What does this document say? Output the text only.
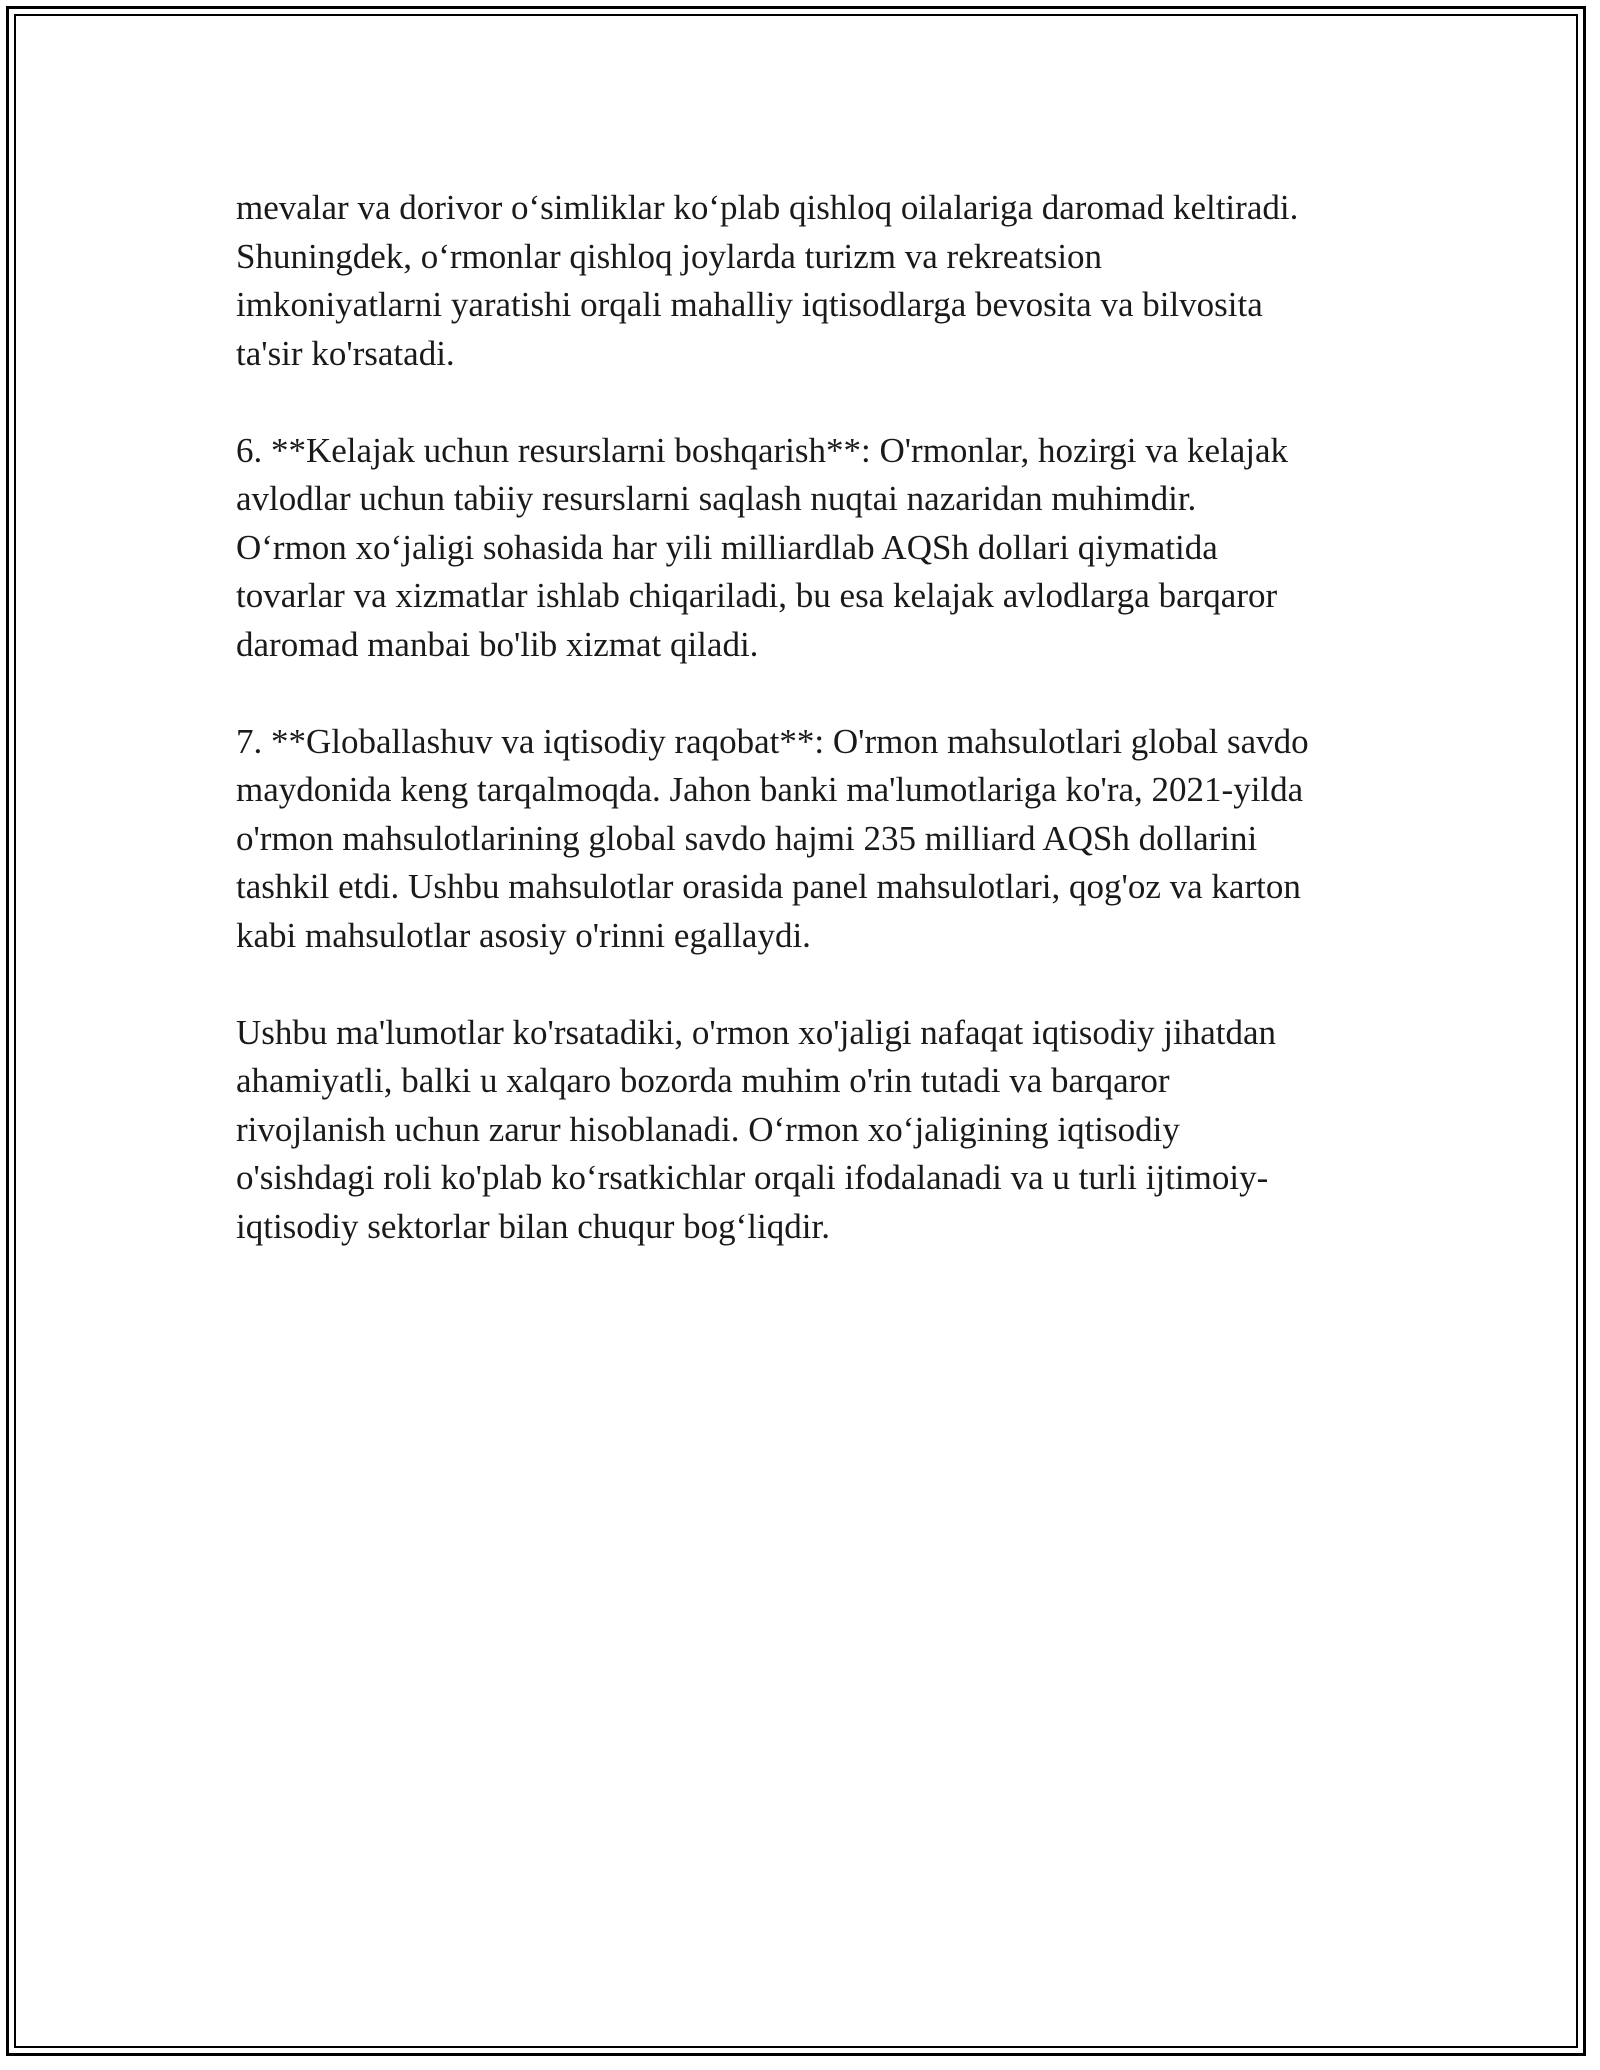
mevalar va dorivor o‘simliklar ko‘plab qishloq oilalariga daromad keltiradi.
Shuningdek, o‘rmonlar qishloq joylarda turizm va rekreatsion
imkoniyatlarni yaratishi orqali mahalliy iqtisodlarga bevosita va bilvosita
ta'sir ko'rsatadi.

6. **Kelajak uchun resurslarni boshqarish**: O'rmonlar, hozirgi va kelajak
avlodlar uchun tabiiy resurslarni saqlash nuqtai nazaridan muhimdir.
O‘rmon xo‘jaligi sohasida har yili milliardlab AQSh dollari qiymatida
tovarlar va xizmatlar ishlab chiqariladi, bu esa kelajak avlodlarga barqaror
daromad manbai bo'lib xizmat qiladi.

7. **Globallashuv va iqtisodiy raqobat**: O'rmon mahsulotlari global savdo
maydonida keng tarqalmoqda. Jahon banki ma'lumotlariga ko'ra, 2021-yilda
o'rmon mahsulotlarining global savdo hajmi 235 milliard AQSh dollarini
tashkil etdi. Ushbu mahsulotlar orasida panel mahsulotlari, qog'oz va karton
kabi mahsulotlar asosiy o'rinni egallaydi.

Ushbu ma'lumotlar ko'rsatadiki, o'rmon xo'jaligi nafaqat iqtisodiy jihatdan
ahamiyatli, balki u xalqaro bozorda muhim o'rin tutadi va barqaror
rivojlanish uchun zarur hisoblanadi. O‘rmon xo‘jaligining iqtisodiy
o'sishdagi roli ko'plab ko‘rsatkichlar orqali ifodalanadi va u turli ijtimoiy-
iqtisodiy sektorlar bilan chuqur bog‘liqdir.
